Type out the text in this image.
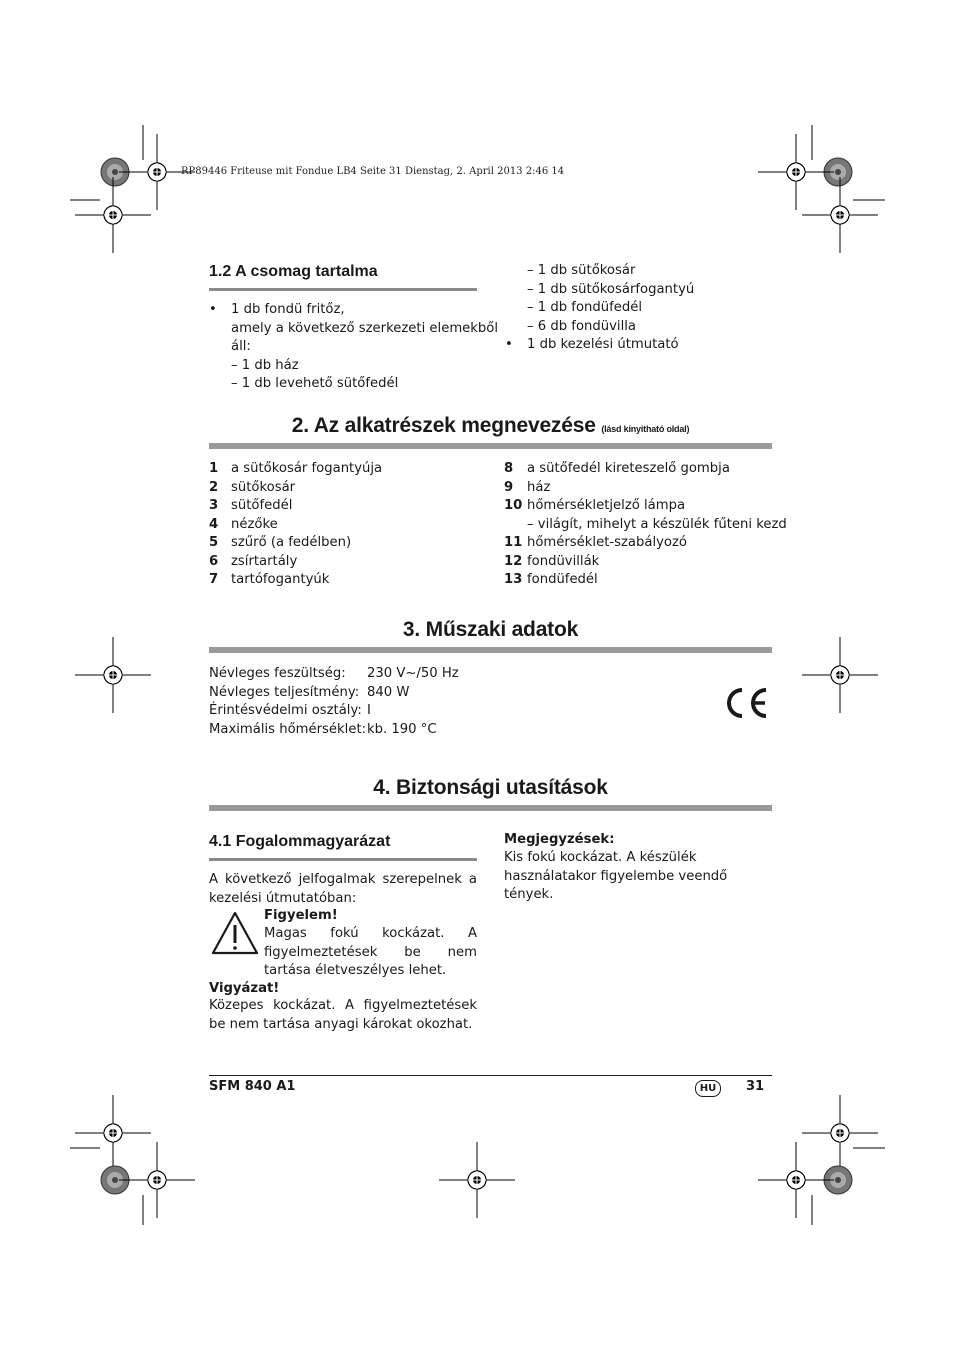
RP89446 Friteuse mit Fondue LB4 Seite 31 Dienstag, 2. April 2013 2:46 14
1.2 A csomag tartalma
• 1 db fondü fritőz,
amely a következő szerkezeti elemekből
áll:
– 1 db ház
– 1 db levehető sütőfedél
– 1 db sütőkosár
– 1 db sütőkosárfogantyú
– 1 db fondüfedél
– 6 db fondüvilla
• 1 db kezelési útmutató
2. Az alkatrészek megnevezése (lásd kinyitható oldal)
1 a sütőkosár fogantyúja
2 sütőkosár
3 sütőfedél
4 nézőke
5 szűrő (a fedélben)
6 zsírtartály
7 tartófogantyúk
8 a sütőfedél kireteszelő gombja
9 ház
10 hőmérsékletjelző lámpa
– világít, mihelyt a készülék fűteni kezd
11 hőmérséklet-szabályozó
12 fondüvillák
13 fondüfedél
3. Műszaki adatok
Névleges feszültség: 230 V~/50 Hz
Névleges teljesítmény: 840 W
Érintésvédelmi osztály: I
Maximális hőmérséklet:kb. 190 °C
4. Biztonsági utasítások
4.1 Fogalommagyarázat
A következő jelfogalmak szerepelnek a kezelési útmutatóban:
Figyelem!
Magas fokú kockázat. A figyelmeztetések be nem tartása életveszélyes lehet.
Vigyázat!
Közepes kockázat. A figyelmeztetések be nem tartása anyagi károkat okozhat.
Megjegyzések:
Kis fokú kockázat. A készülék használatakor figyelembe veendő tények.
SFM 840 A1	HU	31
